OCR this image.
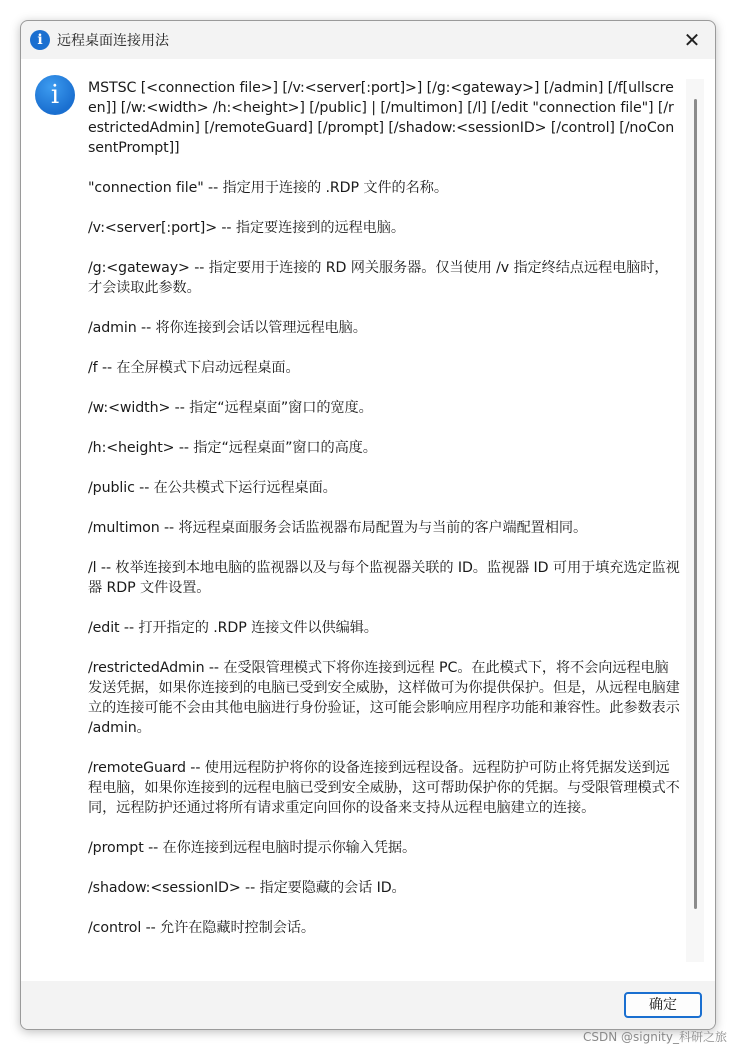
i	远程桌面连接用法	✕
i	MSTSC [<connection file>] [/v:<server[:port]>] [/g:<gateway>] [/admin] [/f[ullscreen]] [/w:<width> /h:<height>] [/public] | [/multimon] [/l] [/edit "connection file"] [/restrictedAdmin] [/remoteGuard] [/prompt] [/shadow:<sessionID> [/control] [/noConsentPrompt]]

"connection file" -- 指定用于连接的 .RDP 文件的名称。

/v:<server[:port]> -- 指定要连接到的远程电脑。

/g:<gateway> -- 指定要用于连接的 RD 网关服务器。仅当使用 /v 指定终结点远程电脑时，才会读取此参数。

/admin -- 将你连接到会话以管理远程电脑。

/f -- 在全屏模式下启动远程桌面。

/w:<width> -- 指定“远程桌面”窗口的宽度。

/h:<height> -- 指定“远程桌面”窗口的高度。

/public -- 在公共模式下运行远程桌面。

/multimon -- 将远程桌面服务会话监视器布局配置为与当前的客户端配置相同。

/l -- 枚举连接到本地电脑的监视器以及与每个监视器关联的 ID。监视器 ID 可用于填充选定监视器 RDP 文件设置。

/edit -- 打开指定的 .RDP 连接文件以供编辑。

/restrictedAdmin -- 在受限管理模式下将你连接到远程 PC。在此模式下，将不会向远程电脑发送凭据，如果你连接到的电脑已受到安全威胁，这样做可为你提供保护。但是，从远程电脑建立的连接可能不会由其他电脑进行身份验证，这可能会影响应用程序功能和兼容性。此参数表示 /admin。

/remoteGuard -- 使用远程防护将你的设备连接到远程设备。远程防护可防止将凭据发送到远程电脑，如果你连接到的远程电脑已受到安全威胁，这可帮助保护你的凭据。与受限管理模式不同，远程防护还通过将所有请求重定向回你的设备来支持从远程电脑建立的连接。

/prompt -- 在你连接到远程电脑时提示你输入凭据。

/shadow:<sessionID> -- 指定要隐藏的会话 ID。

/control -- 允许在隐藏时控制会话。

确定
CSDN @signity_科研之旅
